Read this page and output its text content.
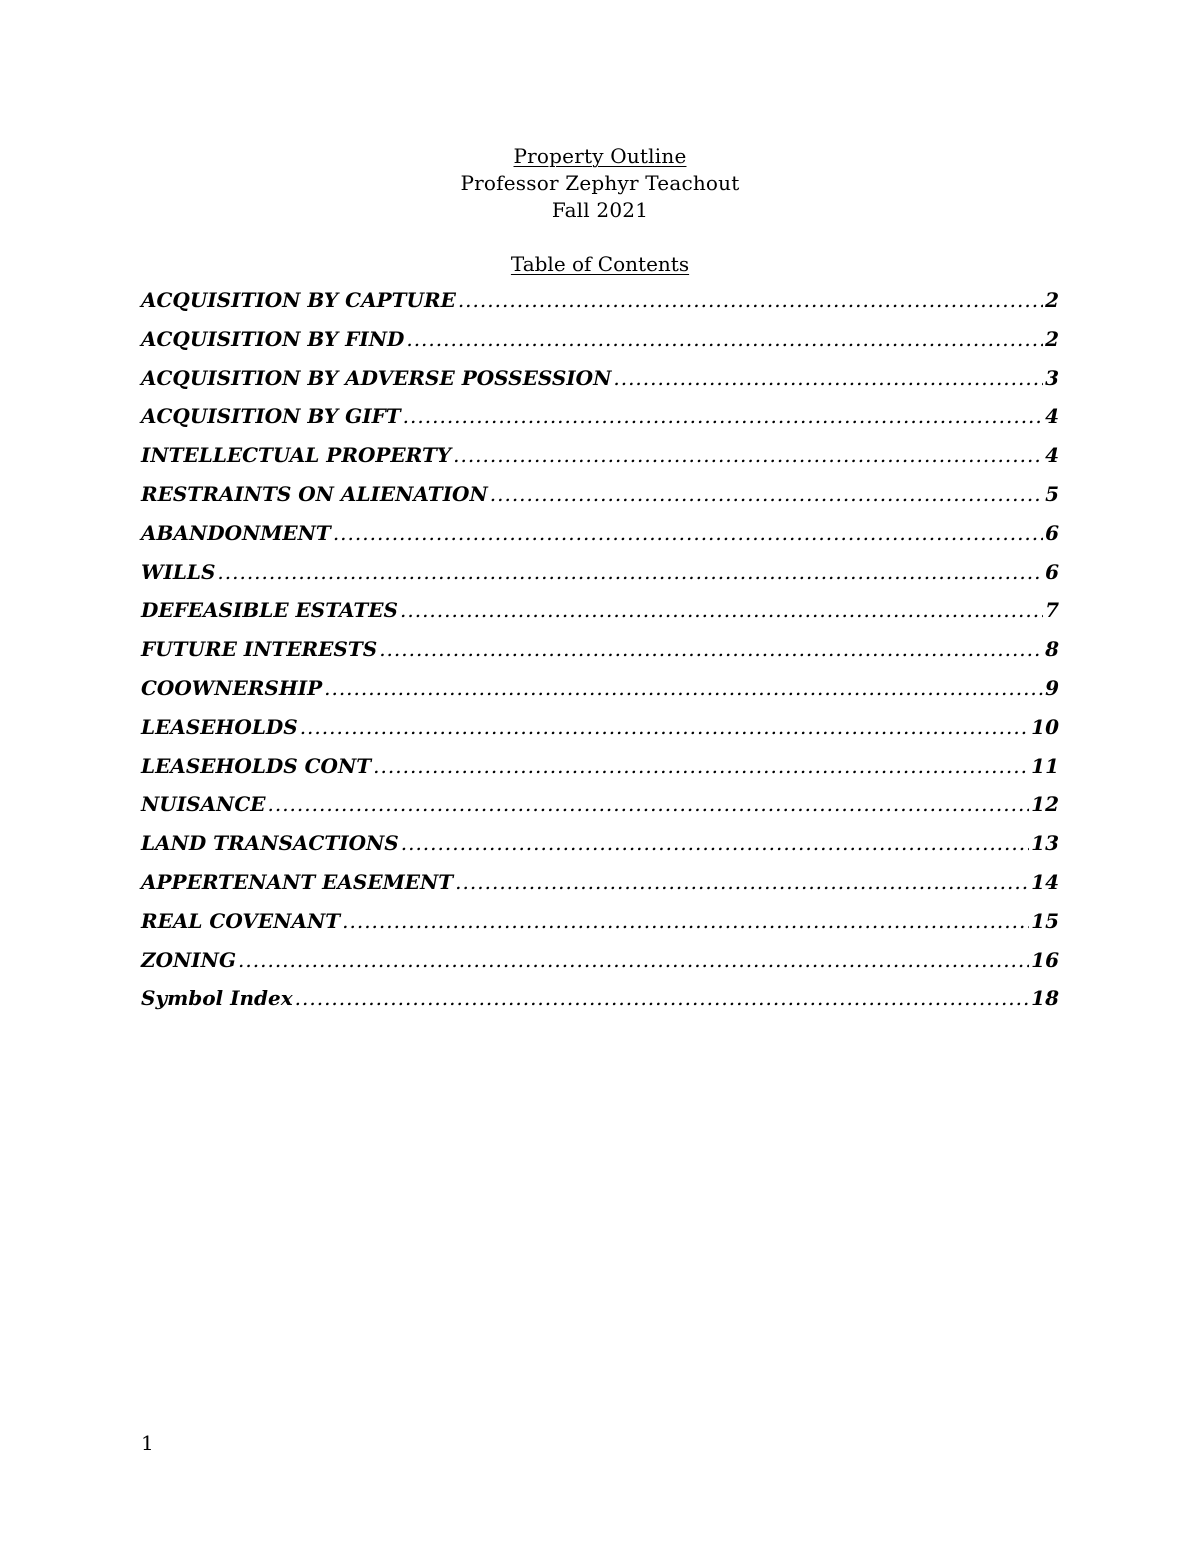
Property Outline
Professor Zephyr Teachout
Fall 2021
Table of Contents
ACQUISITION BY CAPTURE .....	2
ACQUISITION BY FIND .....	2
ACQUISITION BY ADVERSE POSSESSION .....	3
ACQUISITION BY GIFT .....	4
INTELLECTUAL PROPERTY .....	4
RESTRAINTS ON ALIENATION .....	5
ABANDONMENT .....	6
WILLS .....	6
DEFEASIBLE ESTATES .....	7
FUTURE INTERESTS .....	8
COOWNERSHIP .....	9
LEASEHOLDS .....	10
LEASEHOLDS CONT .....	11
NUISANCE .....	12
LAND TRANSACTIONS .....	13
APPERTENANT EASEMENT .....	14
REAL COVENANT .....	15
ZONING .....	16
Symbol Index .....	18
1
